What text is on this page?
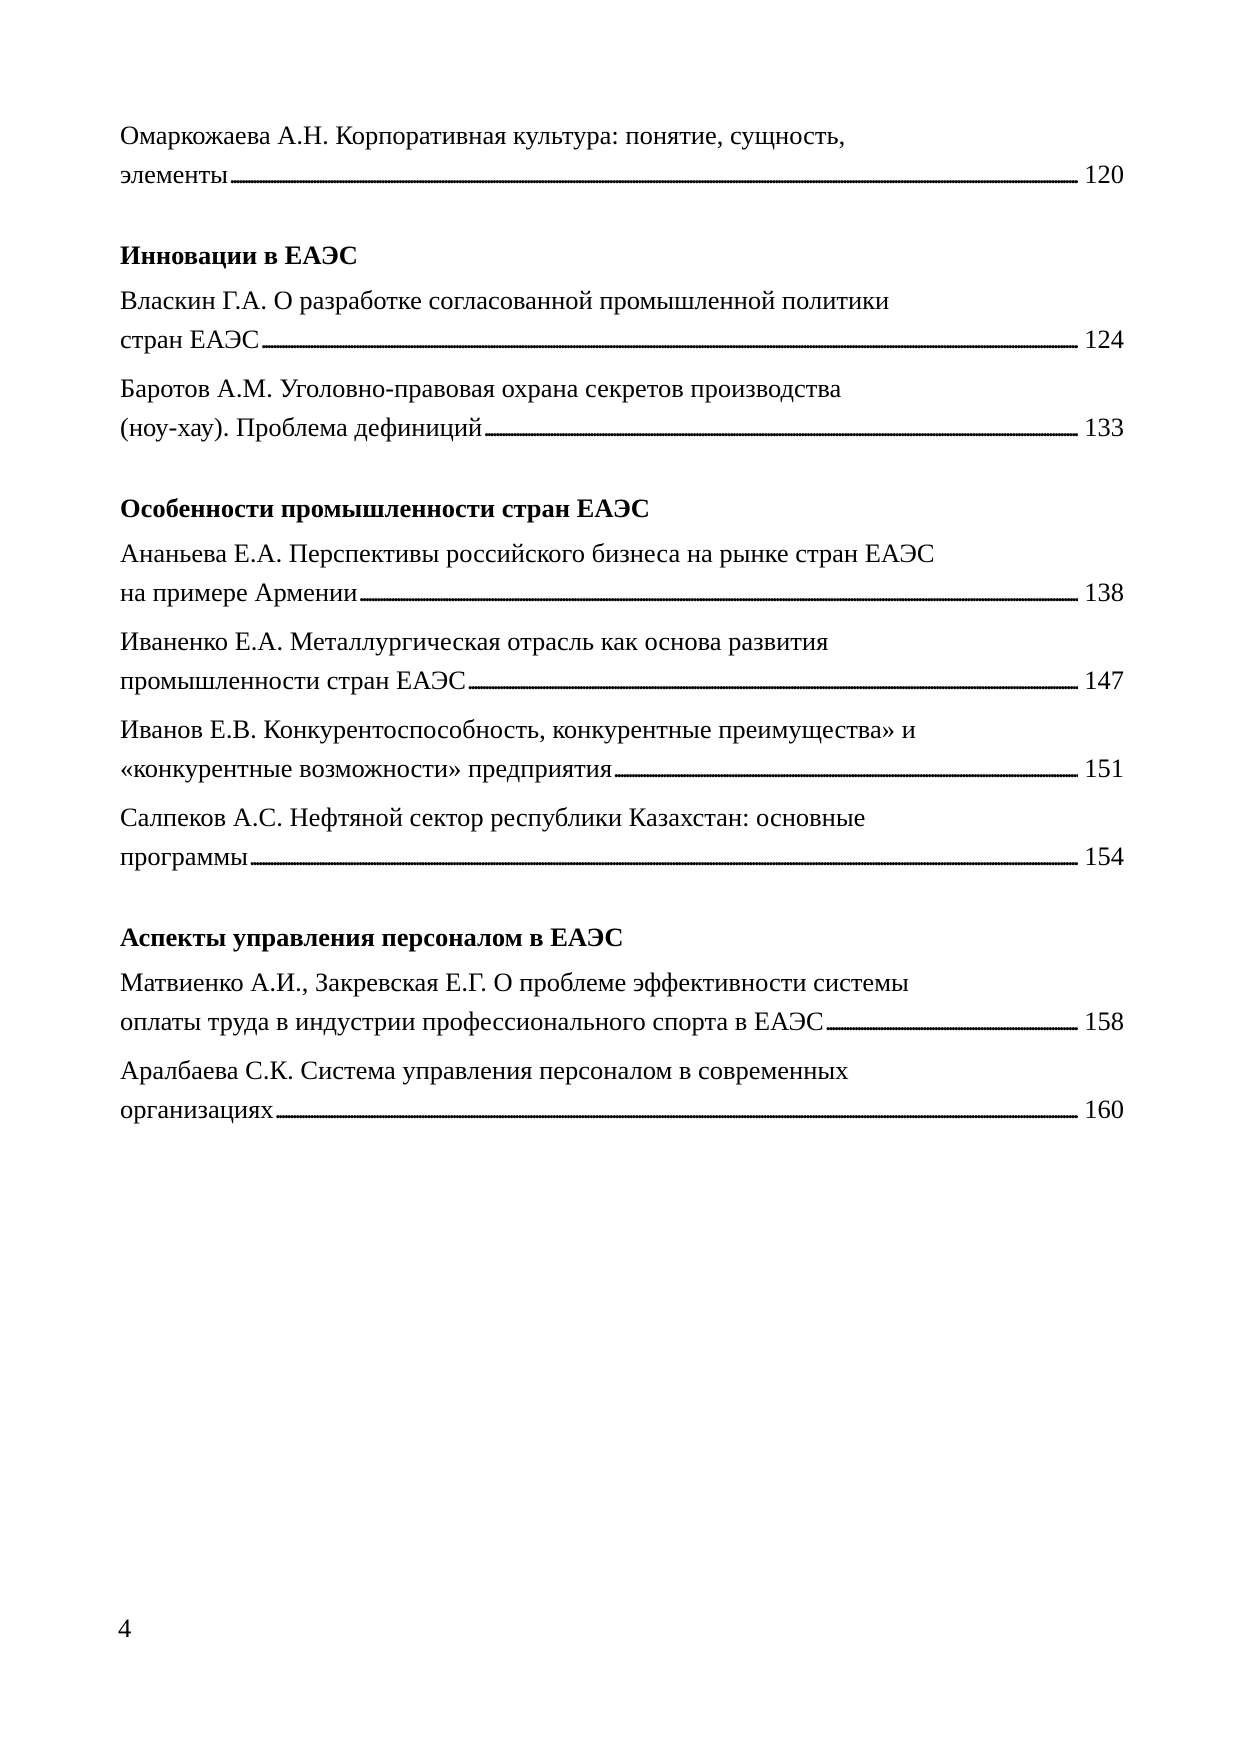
Омаркожаева А.Н. Корпоративная культура: понятие, сущность,
элементы . . .	120
Инновации в ЕАЭС
Власкин Г.А. О разработке согласованной промышленной политики
стран ЕАЭС . . .	124
Баротов А.М. Уголовно-правовая охрана секретов производства
(ноу-хау). Проблема дефиниций . . .	133
Особенности промышленности стран ЕАЭС
Ананьева Е.А. Перспективы российского бизнеса на рынке стран ЕАЭС
на примере Армении . . .	138
Иваненко Е.А. Металлургическая отрасль как основа развития
промышленности стран ЕАЭС . . .	147
Иванов Е.В. Конкурентоспособность, конкурентные преимущества» и
«конкурентные возможности» предприятия . . .	151
Салпеков А.С. Нефтяной сектор республики Казахстан: основные
программы . . .	154
Аспекты управления персоналом в ЕАЭС
Матвиенко А.И., Закревская Е.Г. О проблеме эффективности системы
оплаты труда в индустрии профессионального спорта в ЕАЭС . . .	158
Аралбаева С.К. Система управления персоналом в современных
организациях . . .	160
4
